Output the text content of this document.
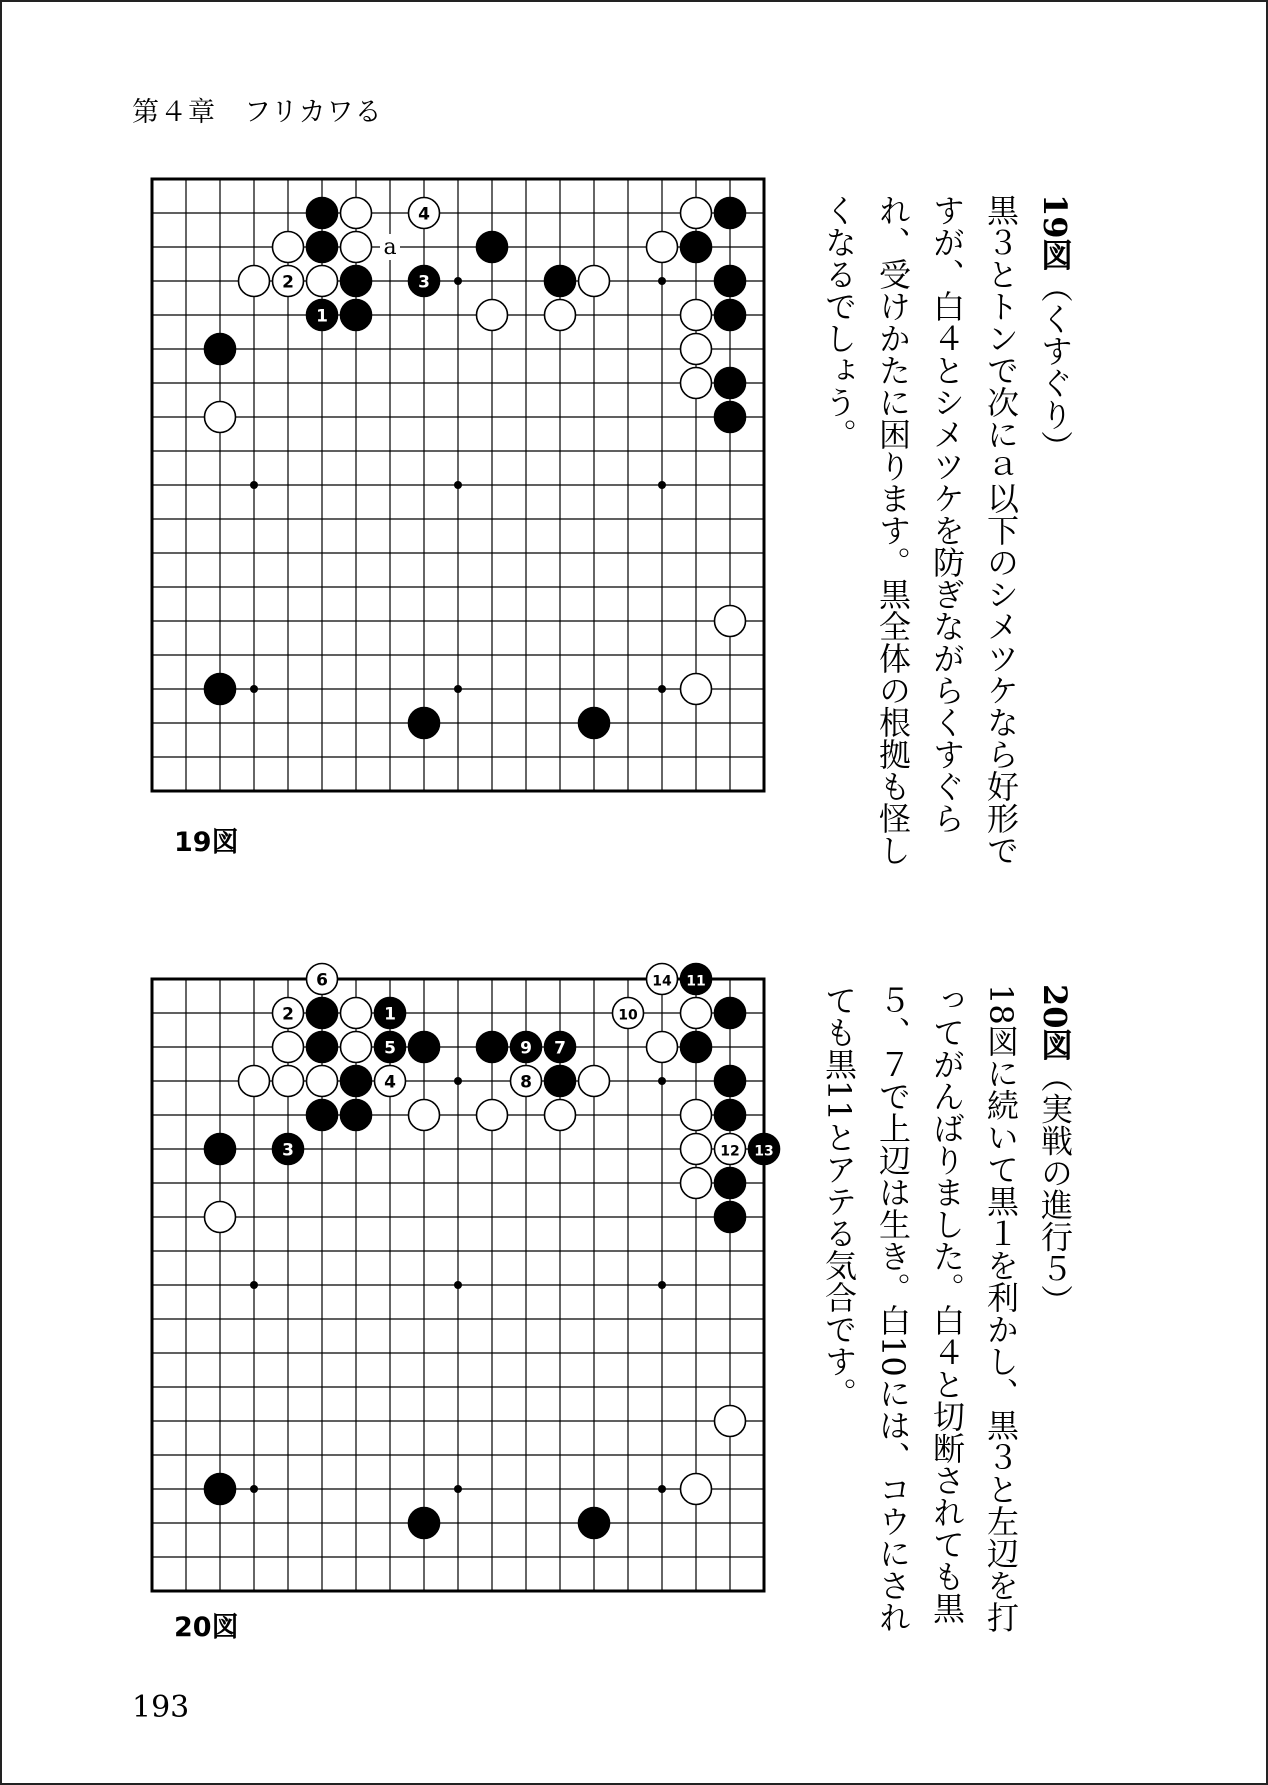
第４章　フリカワる
4
2	3
1
a
19図
19図（くすぐり）
黒３とトンで次にａ以下のシメツケなら好形ですが、白４とシメツケを防ぎながらくすぐられ、受けかたに困ります。黒全体の根拠も怪しくなるでしょう。
6	14 11
2	1	10
5	9 7
4	8
3	12 13
20図
20図（実戦の進行５）
18図に続いて黒１を利かし、黒３と左辺を打ってがんばりました。白４と切断されても黒５、７で上辺は生き。白10には、コウにされても黒11とアテる気合です。
193
